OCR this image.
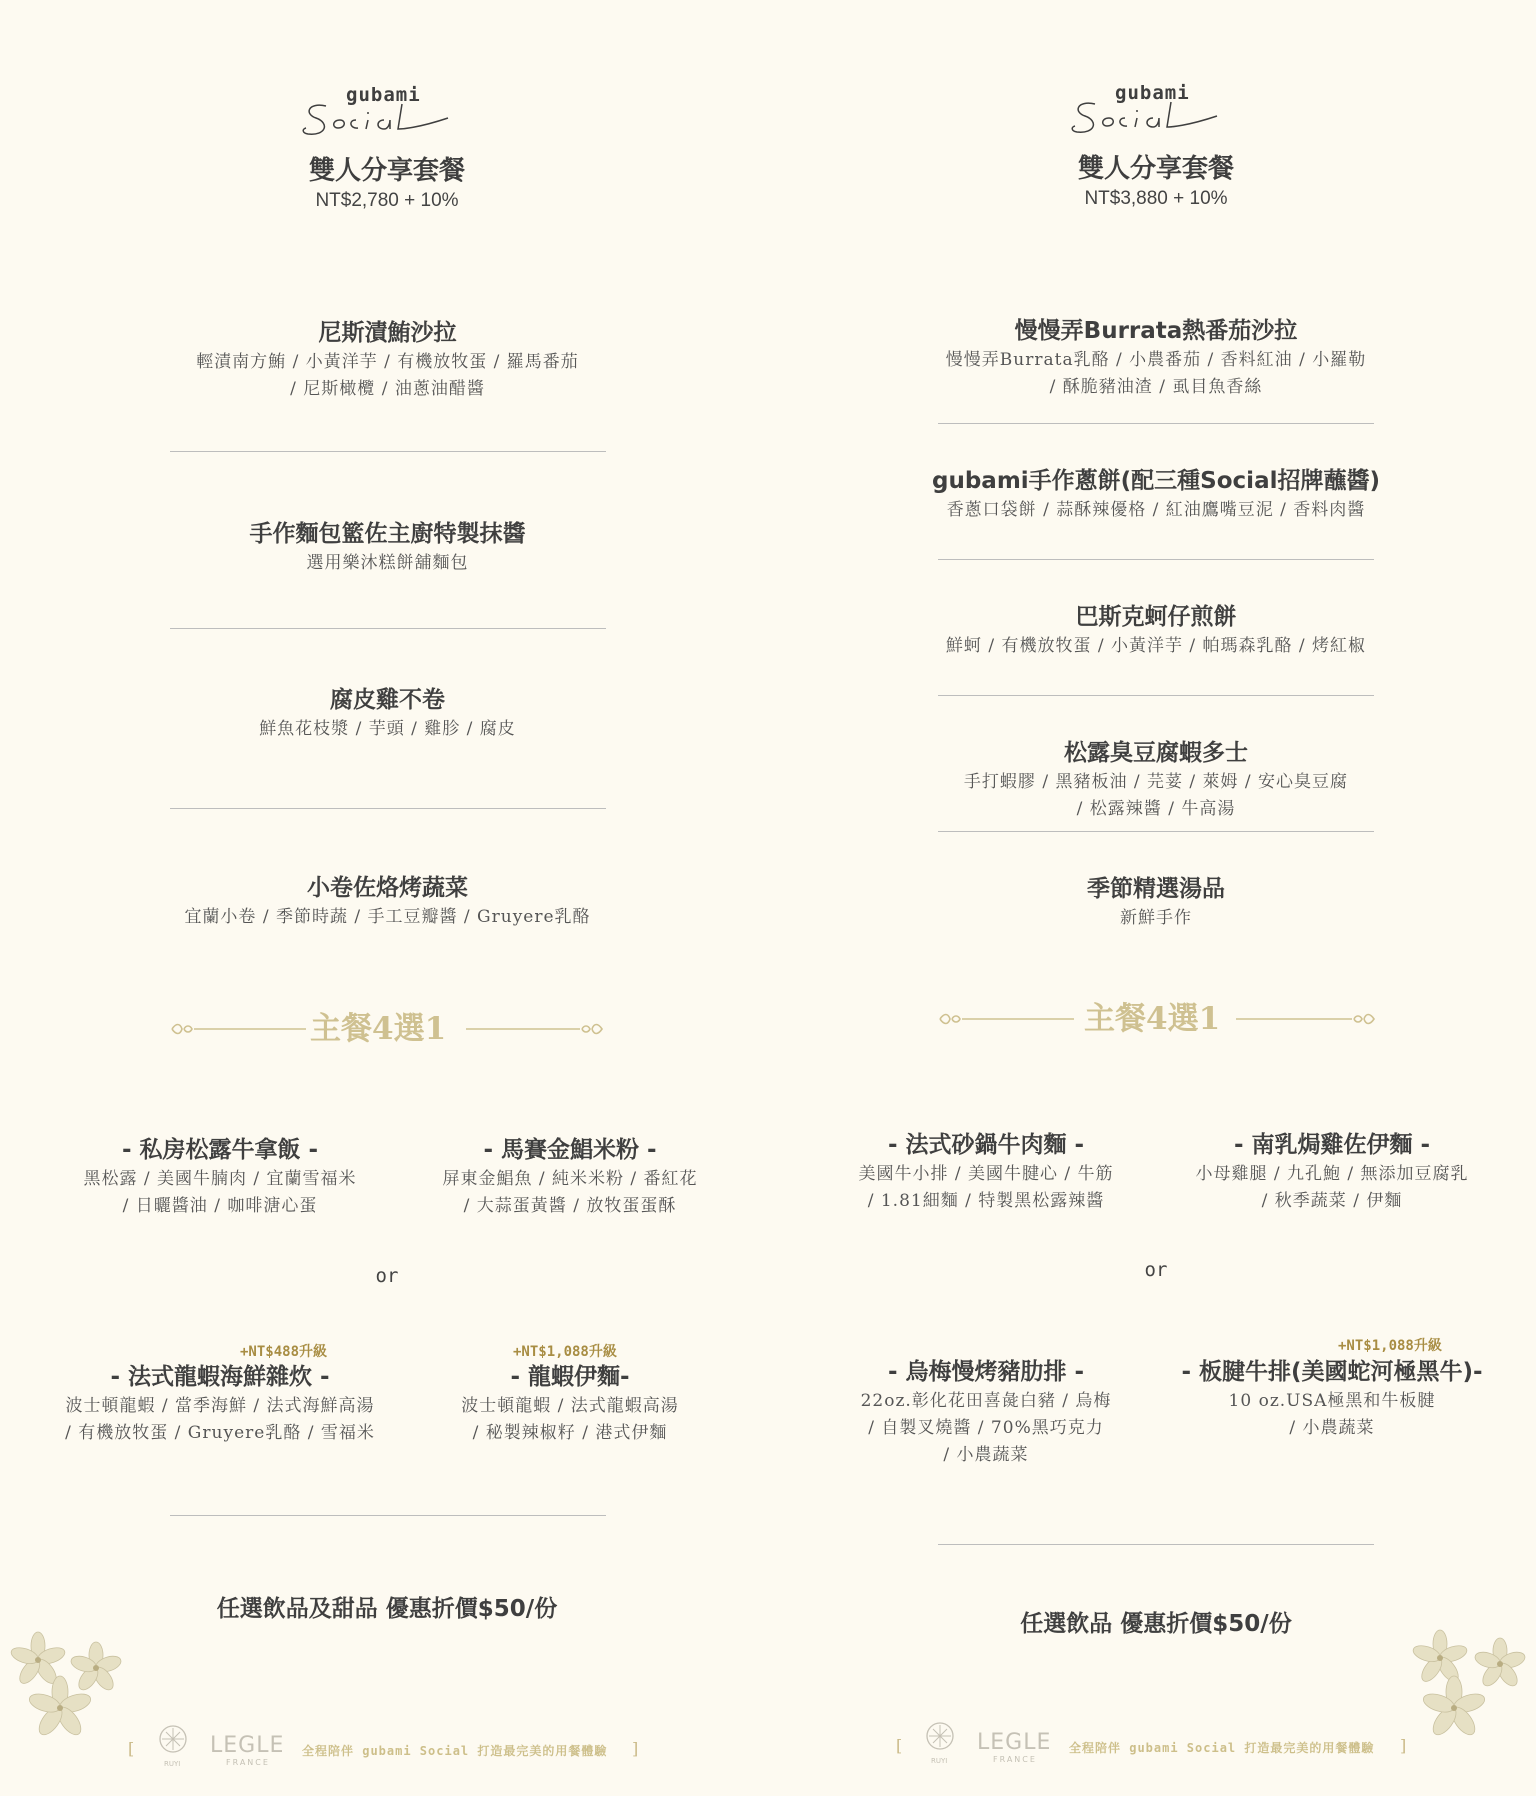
gubami
雙人分享套餐
NT$2,780 + 10%
尼斯漬鮪沙拉
輕漬南方鮪 / 小黃洋芋 / 有機放牧蛋 / 羅馬番茄
/ 尼斯橄欖 / 油蔥油醋醬
手作麵包籃佐主廚特製抹醬
選用樂沐糕餅舖麵包
腐皮雞不卷
鮮魚花枝漿 / 芋頭 / 雞胗 / 腐皮
小卷佐烙烤蔬菜
宜蘭小卷 / 季節時蔬 / 手工豆瓣醬 / Gruyere乳酪
主餐4選1
- 私房松露牛拿飯 -
黑松露 / 美國牛腩肉 / 宜蘭雪福米
/ 日曬醬油 / 咖啡溏心蛋
- 馬賽金鯧米粉 -
屏東金鯧魚 / 純米米粉 / 番紅花
/ 大蒜蛋黃醬 / 放牧蛋蛋酥
or
+NT$488升級
- 法式龍蝦海鮮雜炊 -
波士頓龍蝦 / 當季海鮮 / 法式海鮮高湯
/ 有機放牧蛋 / Gruyere乳酪 / 雪福米
+NT$1,088升級
- 龍蝦伊麵-
波士頓龍蝦 / 法式龍蝦高湯
/ 秘製辣椒籽 / 港式伊麵
任選飲品及甜品 優惠折價$50/份
gubami
雙人分享套餐
NT$3,880 + 10%
慢慢弄Burrata熱番茄沙拉
慢慢弄Burrata乳酪 / 小農番茄 / 香料紅油 / 小羅勒
/ 酥脆豬油渣 / 虱目魚香絲
gubami手作蔥餅(配三種Social招牌蘸醬)
香蔥口袋餅 / 蒜酥辣優格 / 紅油鷹嘴豆泥 / 香料肉醬
巴斯克蚵仔煎餅
鮮蚵 / 有機放牧蛋 / 小黃洋芋 / 帕瑪森乳酪 / 烤紅椒
松露臭豆腐蝦多士
手打蝦膠 / 黑豬板油 / 芫荽 / 萊姆 / 安心臭豆腐
/ 松露辣醬 / 牛高湯
季節精選湯品
新鮮手作
主餐4選1
- 法式砂鍋牛肉麵 -
美國牛小排 / 美國牛腱心 / 牛筋
/ 1.81細麵 / 特製黑松露辣醬
- 南乳焗雞佐伊麵 -
小母雞腿 / 九孔鮑 / 無添加豆腐乳
/ 秋季蔬菜 / 伊麵
or
- 烏梅慢烤豬肋排 -
22oz.彰化花田喜彘白豬 / 烏梅
/ 自製叉燒醬 / 70%黑巧克力
/ 小農蔬菜
+NT$1,088升級
- 板腱牛排(美國蛇河極黑牛)-
10 oz.USA極黑和牛板腱
/ 小農蔬菜
任選飲品 優惠折價$50/份
[
RUYI
LEGLE
FRANCE
全程陪伴 gubami Social 打造最完美的用餐體驗 ]	[
RUYI
LEGLE
FRANCE
全程陪伴 gubami Social 打造最完美的用餐體驗 ]
